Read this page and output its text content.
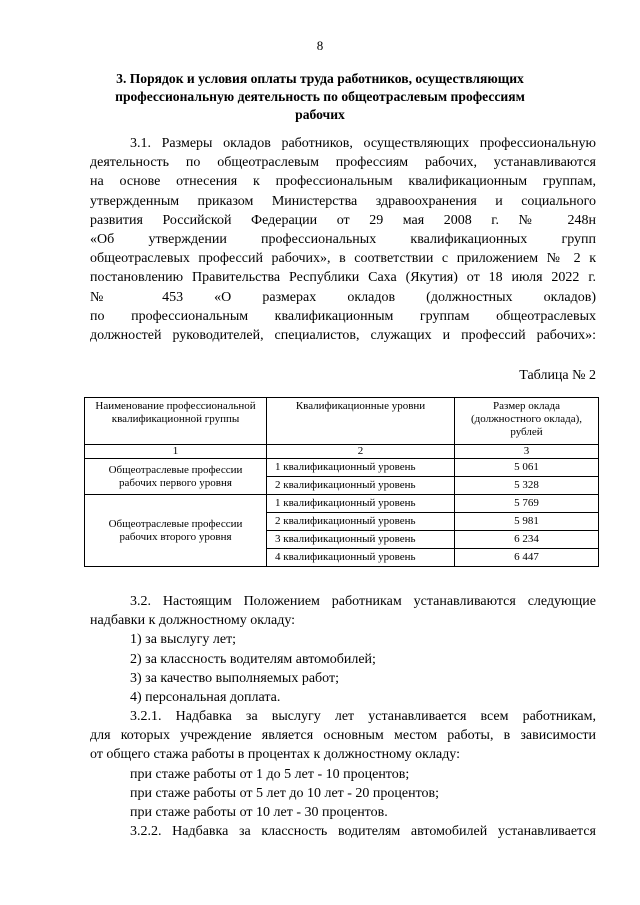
8
3. Порядок и условия оплаты труда работников, осуществляющих
профессиональную деятельность по общеотраслевым профессиям
рабочих
3.1. Размеры окладов работников, осуществляющих профессиональную
деятельность по общеотраслевым профессиям рабочих, устанавливаются
на основе отнесения к профессиональным квалификационным группам,
утвержденным приказом Министерства здравоохранения и социального
развития Российской Федерации от 29 мая 2008 г. № 248н
«Об утверждении профессиональных квалификационных групп
общеотраслевых профессий рабочих», в соответствии с приложением № 2 к
постановлению Правительства Республики Саха (Якутия) от 18 июля 2022 г.
№ 453 «О размерах окладов (должностных окладов)
по профессиональным квалификационным группам общеотраслевых
должностей руководителей, специалистов, служащих и профессий рабочих»:
Таблица № 2
Наименование профессиональной квалификационной группы	Квалификационные уровни	Размер оклада (должностного оклада), рублей
1	2	3
Общеотраслевые профессии рабочих первого уровня	1 квалификационный уровень	5 061
	2 квалификационный уровень	5 328
Общеотраслевые профессии рабочих второго уровня	1 квалификационный уровень	5 769
	2 квалификационный уровень	5 981
	3 квалификационный уровень	6 234
	4 квалификационный уровень	6 447
3.2. Настоящим Положением работникам устанавливаются следующие
надбавки к должностному окладу:
1) за выслугу лет;
2) за классность водителям автомобилей;
3) за качество выполняемых работ;
4) персональная доплата.
3.2.1. Надбавка за выслугу лет устанавливается всем работникам,
для которых учреждение является основным местом работы, в зависимости
от общего стажа работы в процентах к должностному окладу:
при стаже работы от 1 до 5 лет - 10 процентов;
при стаже работы от 5 лет до 10 лет - 20 процентов;
при стаже работы от 10 лет - 30 процентов.
3.2.2. Надбавка за классность водителям автомобилей устанавливается
